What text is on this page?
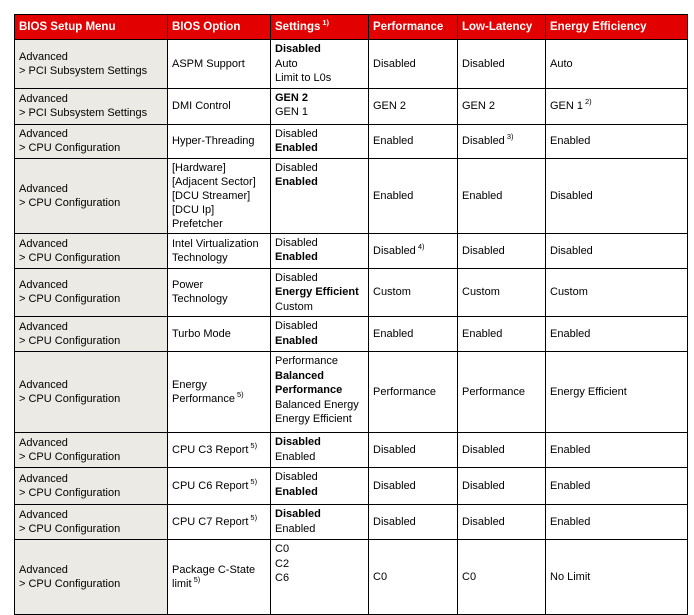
BIOS Setup Menu	BIOS Option	Settings $^{1)}$	Performance	Low-Latency	Energy Efficiency
Advanced
> PCI Subsystem Settings	ASPM Support	Disabled
Auto
Limit to L0s	Disabled	Disabled	Auto
Advanced
> PCI Subsystem Settings	DMI Control	GEN 2
GEN 1	GEN 2	GEN 2	GEN 1 $^{2)}$
Advanced
> CPU Configuration	Hyper-Threading	Disabled
Enabled	Enabled	Disabled $^{3)}$	Enabled
Advanced
> CPU Configuration	[Hardware]
[Adjacent Sector]
[DCU Streamer]
[DCU Ip]
Prefetcher	Disabled
Enabled	Enabled	Enabled	Disabled
Advanced
> CPU Configuration	Intel Virtualization
Technology	Disabled
Enabled	Disabled $^{4)}$	Disabled	Disabled
Advanced
> CPU Configuration	Power
Technology	Disabled
Energy Efficient
Custom	Custom	Custom	Custom
Advanced
> CPU Configuration	Turbo Mode	Disabled
Enabled	Enabled	Enabled	Enabled
Advanced
> CPU Configuration	Energy
Performance $^{5)}$	Performance
Balanced Performance
Balanced Energy
Energy Efficient	Performance	Performance	Energy Efficient
Advanced
> CPU Configuration	CPU C3 Report $^{5)}$	Disabled
Enabled	Disabled	Disabled	Enabled
Advanced
> CPU Configuration	CPU C6 Report $^{5)}$	Disabled
Enabled	Disabled	Disabled	Enabled
Advanced
> CPU Configuration	CPU C7 Report $^{5)}$	Disabled
Enabled	Disabled	Disabled	Enabled
Advanced
> CPU Configuration	Package C-State
limit $^{5)}$	C0
C2
C6	C0	C0	No Limit
